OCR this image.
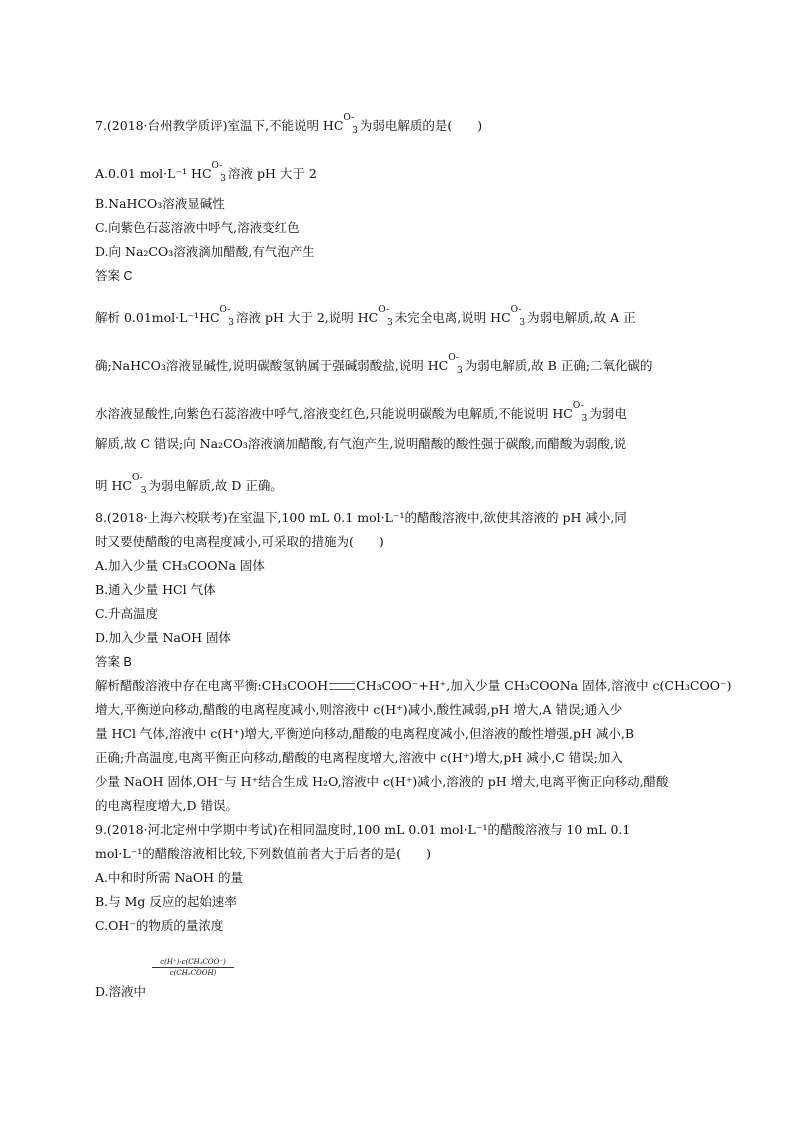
7.(2018·台州教学质评)室温下,不能说明 $HC^{O-}_3$ 为弱电解质的是(　　)
A.0.01 mol·L⁻¹ $HC^{O-}_3$ 溶液 pH 大于 2
B.NaHCO₃溶液显碱性
C.向紫色石蕊溶液中呼气,溶液变红色
D.向 Na₂CO₃溶液滴加醋酸,有气泡产生
答案 C
解析 $0.01mol\cdot L^{-1}HC^{O-}_3$ 溶液 pH 大于 2,说明 $HC^{O-}_3$ 未完全电离,说明 $HC^{O-}_3$ 为弱电解质,故 A 正
确;NaHCO₃溶液显碱性,说明碳酸氢钠属于强碱弱酸盐,说明 $HC^{O-}_3$ 为弱电解质,故 B 正确;二氧化碳的
水溶液显酸性,向紫色石蕊溶液中呼气,溶液变红色,只能说明碳酸为电解质,不能说明 $HC^{O-}_3$ 为弱电
解质,故 C 错误;向 Na₂CO₃溶液滴加醋酸,有气泡产生,说明醋酸的酸性强于碳酸,而醋酸为弱酸,说
明 $HC^{O-}_3$ 为弱电解质,故 D 正确。
8.(2018·上海六校联考)在室温下,100 mL 0.1 mol·L⁻¹的醋酸溶液中,欲使其溶液的 pH 减小,同
时又要使醋酸的电离程度减小,可采取的措施为(　　)
A.加入少量 CH₃COONa 固体
B.通入少量 HCl 气体
C.升高温度
D.加入少量 NaOH 固体
答案 B
解析醋酸溶液中存在电离平衡:CH₃COOH CH₃COO⁻+H⁺,加入少量 CH₃COONa 固体,溶液中 c(CH₃COO⁻)
增大,平衡逆向移动,醋酸的电离程度减小,则溶液中 c(H⁺)减小,酸性减弱,pH 增大,A 错误;通入少
量 HCl 气体,溶液中 c(H⁺)增大,平衡逆向移动,醋酸的电离程度减小,但溶液的酸性增强,pH 减小,B
正确;升高温度,电离平衡正向移动,醋酸的电离程度增大,溶液中 c(H⁺)增大,pH 减小,C 错误;加入
少量 NaOH 固体,OH⁻与 H⁺结合生成 H₂O,溶液中 c(H⁺)减小,溶液的 pH 增大,电离平衡正向移动,醋酸
的电离程度增大,D 错误。
9.(2018·河北定州中学期中考试)在相同温度时,100 mL 0.01 mol·L⁻¹的醋酸溶液与 10 mL 0.1
mol·L⁻¹的醋酸溶液相比较,下列数值前者大于后者的是(　　)
A.中和时所需 NaOH 的量
B.与 Mg 反应的起始速率
C.OH⁻的物质的量浓度
c(H⁺)·c(CH₃COO⁻)
c(CH₃COOH)
D.溶液中
